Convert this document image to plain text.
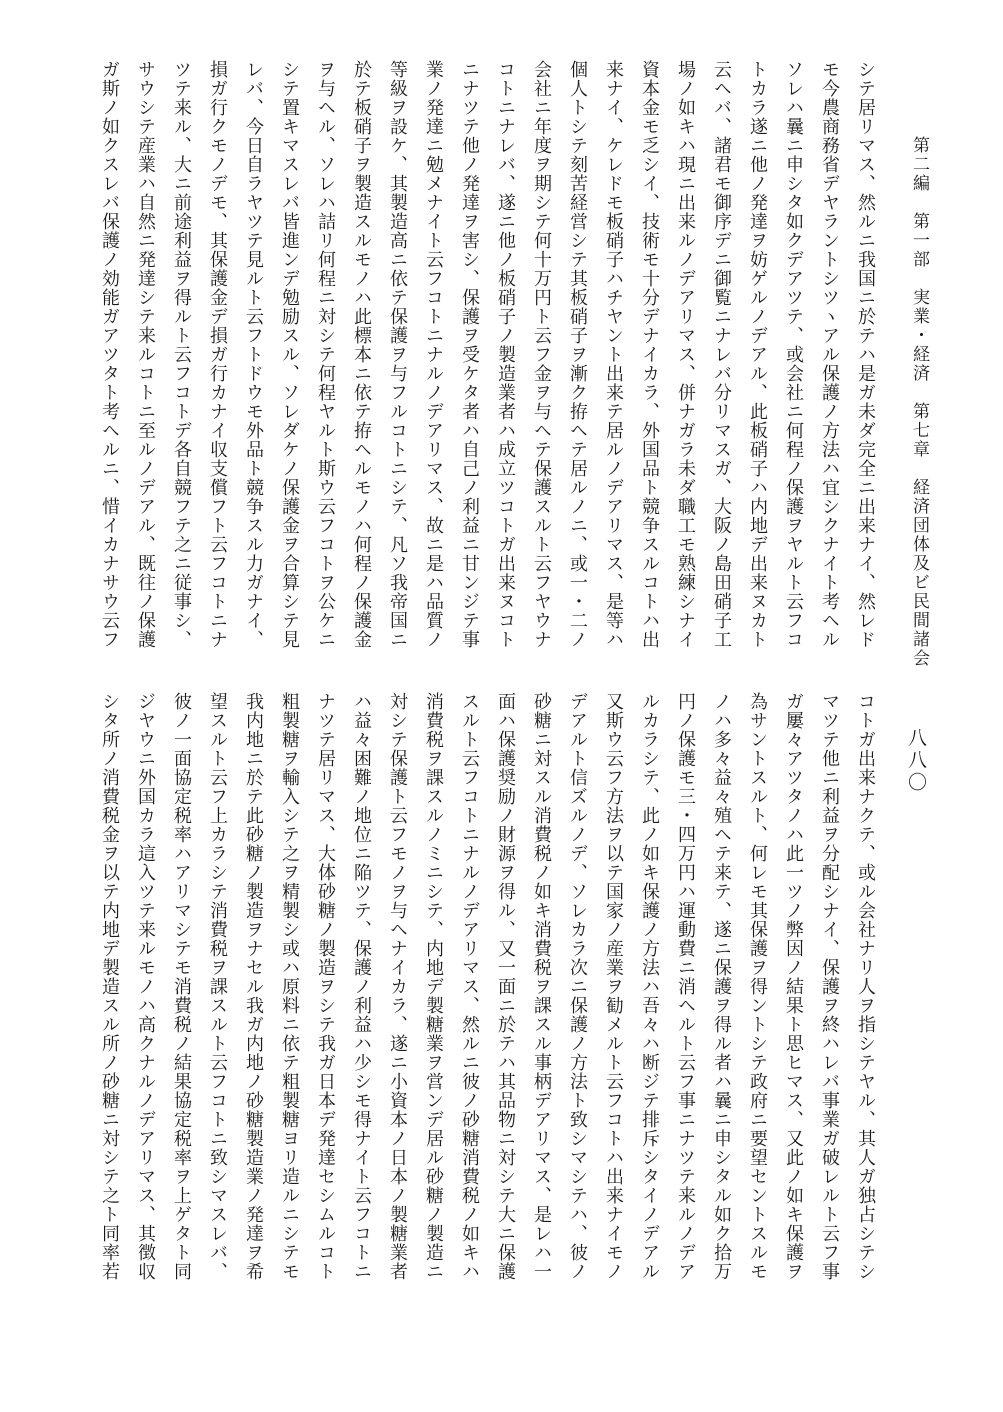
第二編　第一部　実業・経済　第七章　経済団体及ビ民間諸会
八八〇
シテ居リマス、然ルニ我国ニ於テハ是ガ未ダ完全ニ出来ナイ、然レド
モ今農商務省デヤラントシツヽアル保護ノ方法ハ宜シクナイト考ヘル
ソレハ曩ニ申シタ如クデアツテ、或会社ニ何程ノ保護ヲヤルト云フコ
トカラ遂ニ他ノ発達ヲ妨ゲルノデアル、此板硝子ハ内地デ出来ヌカト
云ヘバ、諸君モ御序デニ御覧ニナレバ分リマスガ、大阪ノ島田硝子工
場ノ如キハ現ニ出来ルノデアリマス、併ナガラ未ダ職工モ熟練シナイ
資本金モ乏シイ、技術モ十分デナイカラ、外国品ト競争スルコトハ出
来ナイ、ケレドモ板硝子ハチヤント出来テ居ルノデアリマス、是等ハ
個人トシテ刻苦経営シテ其板硝子ヲ漸ク拵ヘテ居ルノニ、或一・二ノ
会社ニ年度ヲ期シテ何十万円ト云フ金ヲ与ヘテ保護スルト云フヤウナ
コトニナレバ、遂ニ他ノ板硝子ノ製造業者ハ成立ツコトガ出来ヌコト
ニナツテ他ノ発達ヲ害シ、保護ヲ受ケタ者ハ自己ノ利益ニ甘ンジテ事
業ノ発達ニ勉メナイト云フコトニナルノデアリマス、故ニ是ハ品質ノ
等級ヲ設ケ、其製造高ニ依テ保護ヲ与フルコトニシテ、凡ソ我帝国ニ
於テ板硝子ヲ製造スルモノハ此標本ニ依テ拵ヘルモノハ何程ノ保護金
ヲ与ヘル、ソレハ詰リ何程ニ対シテ何程ヤルト斯ウ云フコトヲ公ケニ
シテ置キマスレバ皆進ンデ勉励スル、ソレダケノ保護金ヲ合算シテ見
レバ、今日自ラヤツテ見ルト云フトドウモ外品ト競争スル力ガナイ、
損ガ行クモノデモ、其保護金デ損ガ行カナイ収支償フト云フコトニナ
ツテ来ル、大ニ前途利益ヲ得ルト云フコトデ各自競フテ之ニ従事シ、
サウシテ産業ハ自然ニ発達シテ来ルコトニ至ルノデアル、既往ノ保護
ガ斯ノ如クスレバ保護ノ効能ガアツタト考ヘルニ、惜イカナサウ云フ
コトガ出来ナクテ、或ル会社ナリ人ヲ指シテヤル、其人ガ独占シテシ
マツテ他ニ利益ヲ分配シナイ、保護ヲ終ハレバ事業ガ破レルト云フ事
ガ屢々アツタノハ此一ツノ弊因ノ結果ト思ヒマス、又此ノ如キ保護ヲ
為サントスルト、何レモ其保護ヲ得ントシテ政府ニ要望セントスルモ
ノハ多々益々殖ヘテ来テ、遂ニ保護ヲ得ル者ハ曩ニ申シタル如ク拾万
円ノ保護モ三・四万円ハ運動費ニ消ヘルト云フ事ニナツテ来ルノデア
ルカラシテ、此ノ如キ保護ノ方法ハ吾々ハ断ジテ排斥シタイノデアル
又斯ウ云フ方法ヲ以テ国家ノ産業ヲ勧メルト云フコトハ出来ナイモノ
デアルト信ズルノデ、ソレカラ次ニ保護ノ方法ト致シマシテハ、彼ノ
砂糖ニ対スル消費税ノ如キ消費税ヲ課スル事柄デアリマス、是レハ一
面ハ保護奨励ノ財源ヲ得ル、又一面ニ於テハ其品物ニ対シテ大ニ保護
スルト云フコトニナルノデアリマス、然ルニ彼ノ砂糖消費税ノ如キハ
消費税ヲ課スルノミニシテ、内地デ製糖業ヲ営ンデ居ル砂糖ノ製造ニ
対シテ保護ト云フモノヲ与ヘナイカラ、遂ニ小資本ノ日本ノ製糖業者
ハ益々困難ノ地位ニ陥ツテ、保護ノ利益ハ少シモ得ナイト云フコトニ
ナツテ居リマス、大体砂糖ノ製造ヲシテ我ガ日本デ発達セシムルコト
粗製糖ヲ輸入シテ之ヲ精製シ或ハ原料ニ依テ粗製糖ヨリ造ルニシテモ
我内地ニ於テ此砂糖ノ製造ヲナセル我ガ内地ノ砂糖製造業ノ発達ヲ希
望スルト云フ上カラシテ消費税ヲ課スルト云フコトニ致シマスレバ、
彼ノ一面協定税率ハアリマシテモ消費税ノ結果協定税率ヲ上ゲタト同
ジヤウニ外国カラ這入ツテ来ルモノハ高クナルノデアリマス、其徴収
シタ所ノ消費税金ヲ以テ内地デ製造スル所ノ砂糖ニ対シテ之ト同率若
